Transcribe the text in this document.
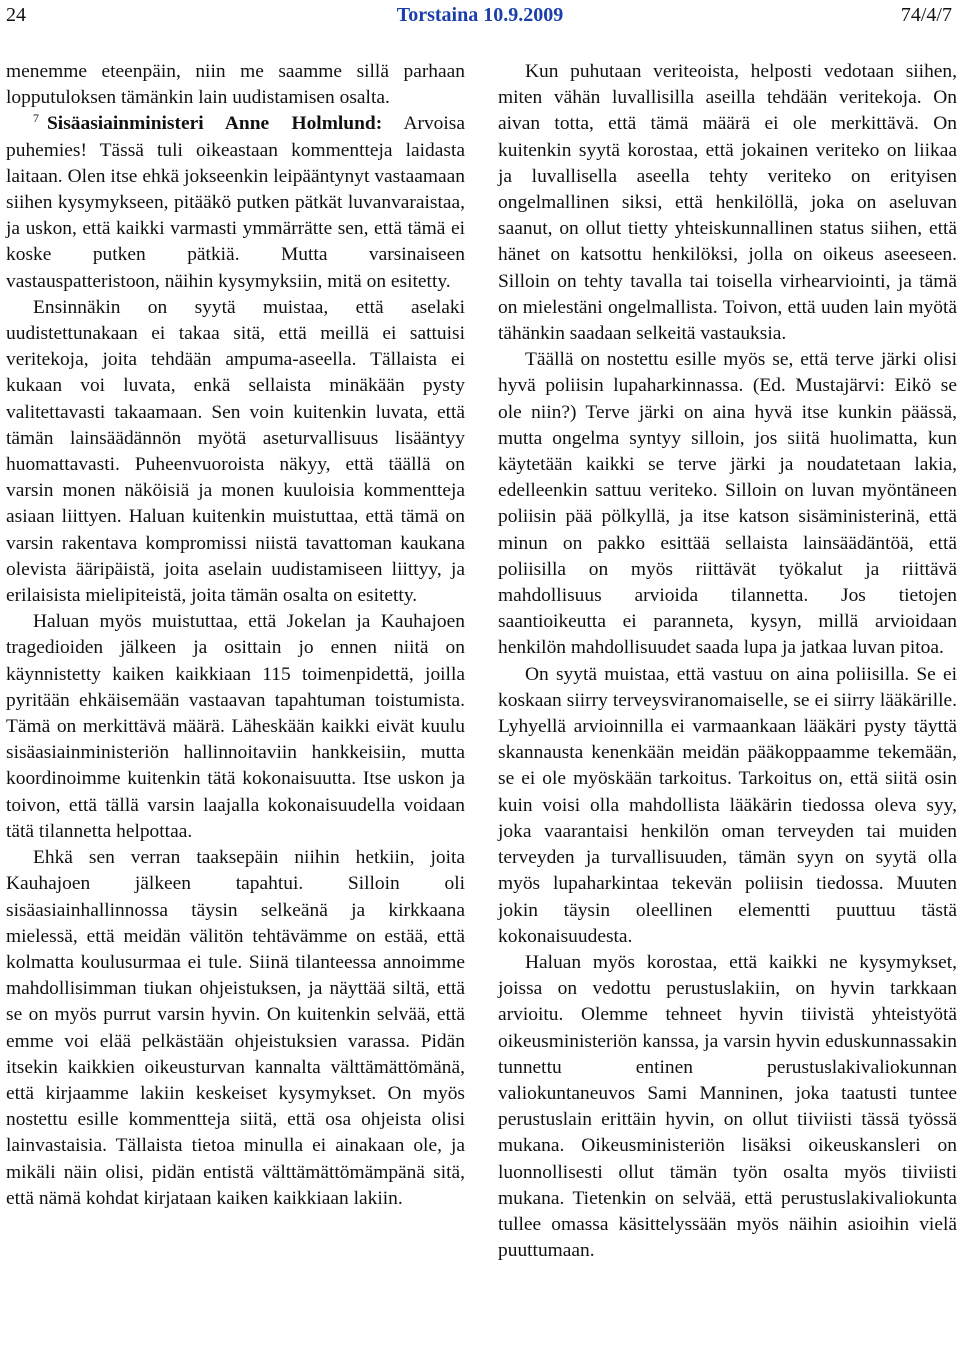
Torstaina 10.9.2009
24	74/4/7

menemme eteenpäin, niin me saamme sillä parhaan lopputuloksen tämänkin lain uudistamisen osalta.

$^7$ Sisäasiainministeri Anne Holmlund: Arvoisa puhemies! Tässä tuli oikeastaan kommentteja laidasta laitaan. Olen itse ehkä jokseenkin leipääntynyt vastaamaan siihen kysymykseen, pitääkö putken pätkät luvanvaraistaa, ja uskon, että kaikki varmasti ymmärrätte sen, että tämä ei koske putken pätkiä. Mutta varsinaiseen vastauspatteristoon, näihin kysymyksiin, mitä on esitetty.

Ensinnäkin on syytä muistaa, että aselaki uudistettunakaan ei takaa sitä, että meillä ei sattuisi veritekoja, joita tehdään ampuma-aseella. Tällaista ei kukaan voi luvata, enkä sellaista minäkään pysty valitettavasti takaamaan. Sen voin kuitenkin luvata, että tämän lainsäädännön myötä aseturvallisuus lisääntyy huomattavasti. Puheenvuoroista näkyy, että täällä on varsin monen näköisiä ja monen kuuloisia kommentteja asiaan liittyen. Haluan kuitenkin muistuttaa, että tämä on varsin rakentava kompromissi niistä tavattoman kaukana olevista ääripäistä, joita aselain uudistamiseen liittyy, ja erilaisista mielipiteistä, joita tämän osalta on esitetty.

Haluan myös muistuttaa, että Jokelan ja Kauhajoen tragedioiden jälkeen ja osittain jo ennen niitä on käynnistetty kaiken kaikkiaan 115 toimenpidettä, joilla pyritään ehkäisemään vastaavan tapahtuman toistumista. Tämä on merkittävä määrä. Läheskään kaikki eivät kuulu sisäasiainministeriön hallinnoitaviin hankkeisiin, mutta koordinoimme kuitenkin tätä kokonaisuutta. Itse uskon ja toivon, että tällä varsin laajalla kokonaisuudella voidaan tätä tilannetta helpottaa.

Ehkä sen verran taaksepäin niihin hetkiin, joita Kauhajoen jälkeen tapahtui. Silloin oli sisäasiainhallinnossa täysin selkeänä ja kirkkaana mielessä, että meidän välitön tehtävämme on estää, että kolmatta koulusurmaa ei tule. Siinä tilanteessa annoimme mahdollisimman tiukan ohjeistuksen, ja näyttää siltä, että se on myös purrut varsin hyvin. On kuitenkin selvää, että emme voi elää pelkästään ohjeistuksien varassa. Pidän itsekin kaikkien oikeusturvan kannalta välttämättömänä, että kirjaamme lakiin keskeiset kysymykset. On myös nostettu esille kommentteja siitä, että osa ohjeista olisi lainvastaisia. Tällaista tietoa minulla ei ainakaan ole, ja mikäli näin olisi, pidän entistä välttämättömämpänä sitä, että nämä kohdat kirjataan kaiken kaikkiaan lakiin.

Kun puhutaan veriteoista, helposti vedotaan siihen, miten vähän luvallisilla aseilla tehdään veritekoja. On aivan totta, että tämä määrä ei ole merkittävä. On kuitenkin syytä korostaa, että jokainen veriteko on liikaa ja luvallisella aseella tehty veriteko on erityisen ongelmallinen siksi, että henkilöllä, joka on aseluvan saanut, on ollut tietty yhteiskunnallinen status siihen, että hänet on katsottu henkilöksi, jolla on oikeus aseeseen. Silloin on tehty tavalla tai toisella virhearviointi, ja tämä on mielestäni ongelmallista. Toivon, että uuden lain myötä tähänkin saadaan selkeitä vastauksia.

Täällä on nostettu esille myös se, että terve järki olisi hyvä poliisin lupaharkinnassa. (Ed. Mustajärvi: Eikö se ole niin?) Terve järki on aina hyvä itse kunkin päässä, mutta ongelma syntyy silloin, jos siitä huolimatta, kun käytetään kaikki se terve järki ja noudatetaan lakia, edelleenkin sattuu veriteko. Silloin on luvan myöntäneen poliisin pää pölkyllä, ja itse katson sisäministerinä, että minun on pakko esittää sellaista lainsäädäntöä, että poliisilla on myös riittävät työkalut ja riittävä mahdollisuus arvioida tilannetta. Jos tietojen saantioikeutta ei paranneta, kysyn, millä arvioidaan henkilön mahdollisuudet saada lupa ja jatkaa luvan pitoa.

On syytä muistaa, että vastuu on aina poliisilla. Se ei koskaan siirry terveysviranomaiselle, se ei siirry lääkärille. Lyhyellä arvioinnilla ei varmaankaan lääkäri pysty täyttä skannausta kenenkään meidän pääkoppaamme tekemään, se ei ole myöskään tarkoitus. Tarkoitus on, että siitä osin kuin voisi olla mahdollista lääkärin tiedossa oleva syy, joka vaarantaisi henkilön oman terveyden tai muiden terveyden ja turvallisuuden, tämän syyn on syytä olla myös lupaharkintaa tekevän poliisin tiedossa. Muuten jokin täysin oleellinen elementti puuttuu tästä kokonaisuudesta.

Haluan myös korostaa, että kaikki ne kysymykset, joissa on vedottu perustuslakiin, on hyvin tarkkaan arvioitu. Olemme tehneet hyvin tiivistä yhteistyötä oikeusministeriön kanssa, ja varsin hyvin eduskunnassakin tunnettu entinen perustuslakivaliokunnan valiokuntaneuvos Sami Manninen, joka taatusti tuntee perustuslain erittäin hyvin, on ollut tiiviisti tässä työssä mukana. Oikeusministeriön lisäksi oikeuskansleri on luonnollisesti ollut tämän työn osalta myös tiiviisti mukana. Tietenkin on selvää, että perustuslakivaliokunta tullee omassa käsittelyssään myös näihin asioihin vielä puuttumaan.
